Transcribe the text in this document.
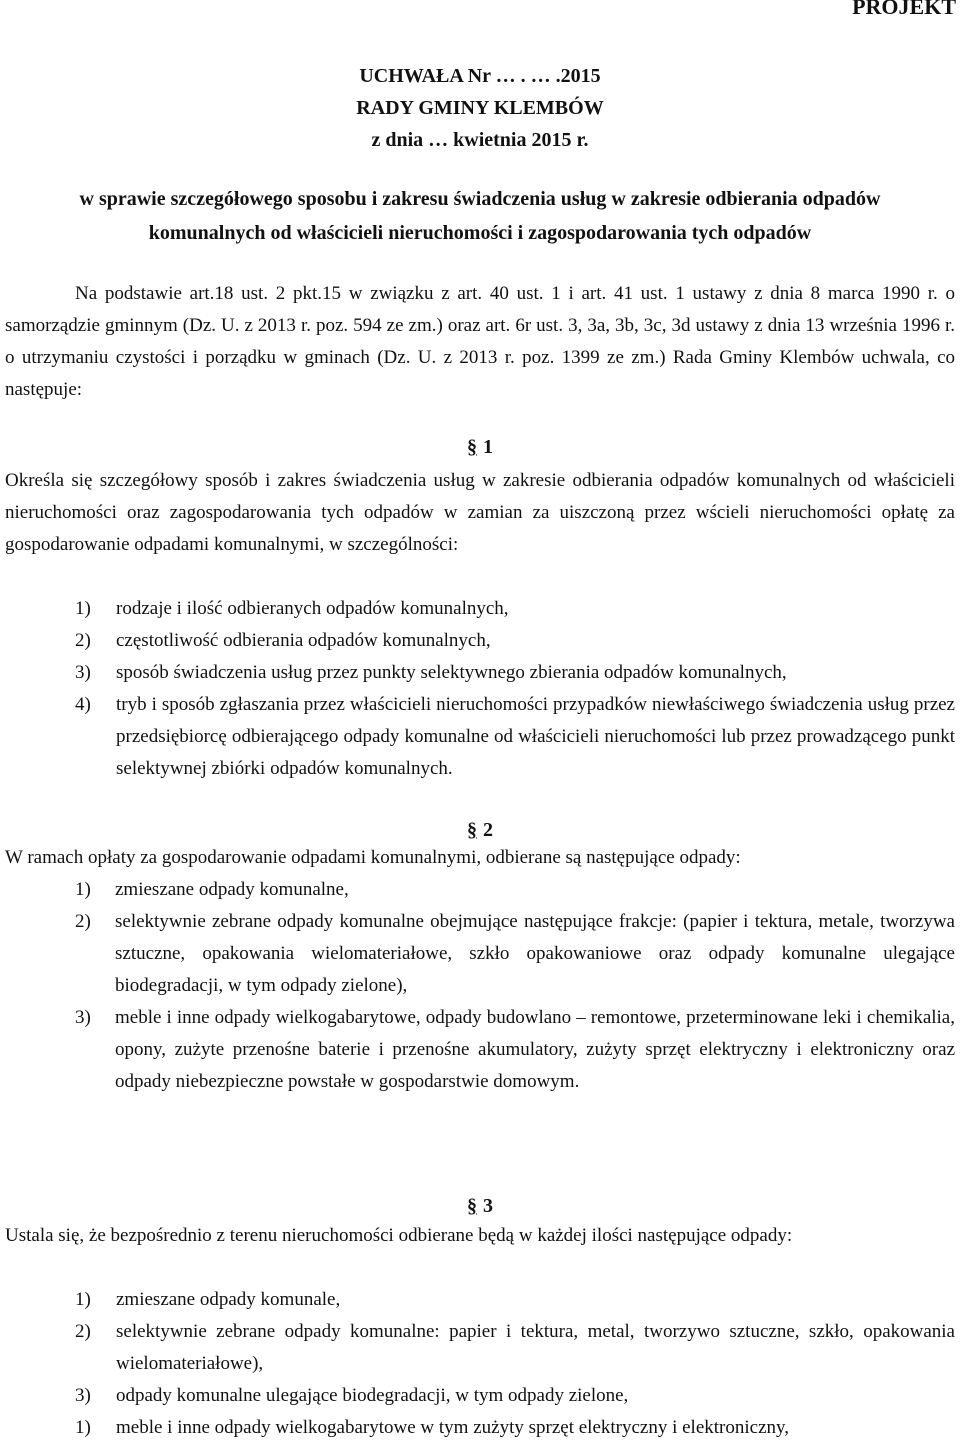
PROJEKT
UCHWAŁA Nr … . … .2015
RADY GMINY KLEMBÓW
z dnia … kwietnia 2015 r.
w sprawie szczegółowego sposobu i zakresu świadczenia usług w zakresie odbierania odpadów
komunalnych od właścicieli nieruchomości i zagospodarowania tych odpadów
Na podstawie art.18 ust. 2 pkt.15 w związku z art. 40 ust. 1 i art. 41 ust. 1 ustawy z dnia 8 marca 1990 r. o samorządzie gminnym (Dz. U. z 2013 r. poz. 594 ze zm.) oraz art. 6r ust. 3, 3a, 3b, 3c, 3d ustawy z dnia 13 września 1996 r. o utrzymaniu czystości i porządku w gminach (Dz. U. z 2013 r. poz. 1399 ze zm.) Rada Gminy Klembów uchwala, co następuje:
§ 1
Określa się szczegółowy sposób i zakres świadczenia usług w zakresie odbierania odpadów komunalnych od właścicieli nieruchomości oraz zagospodarowania tych odpadów w zamian za uiszczoną przez wścieli nieruchomości opłatę za gospodarowanie odpadami komunalnymi, w szczególności:
1) rodzaje i ilość odbieranych odpadów komunalnych,
2) częstotliwość odbierania odpadów komunalnych,
3) sposób świadczenia usług przez punkty selektywnego zbierania odpadów komunalnych,
4) tryb i sposób zgłaszania przez właścicieli nieruchomości przypadków niewłaściwego świadczenia usług przez przedsiębiorcę odbierającego odpady komunalne od właścicieli nieruchomości lub przez prowadzącego punkt selektywnej zbiórki odpadów komunalnych.
§ 2
W ramach opłaty za gospodarowanie odpadami komunalnymi, odbierane są następujące odpady:
1) zmieszane odpady komunalne,
2) selektywnie zebrane odpady komunalne obejmujące następujące frakcje: (papier i tektura, metale, tworzywa sztuczne, opakowania wielomateriałowe, szkło opakowaniowe oraz odpady komunalne ulegające biodegradacji, w tym odpady zielone),
3) meble i inne odpady wielkogabarytowe, odpady budowlano – remontowe, przeterminowane leki i chemikalia, opony, zużyte przenośne baterie i przenośne akumulatory, zużyty sprzęt elektryczny i elektroniczny oraz odpady niebezpieczne powstałe w gospodarstwie domowym.
§ 3
Ustala się, że bezpośrednio z terenu nieruchomości odbierane będą w każdej ilości następujące odpady:
1) zmieszane odpady komunale,
2) selektywnie zebrane odpady komunalne: papier i tektura, metal, tworzywo sztuczne, szkło, opakowania wielomateriałowe),
3) odpady komunalne ulegające biodegradacji, w tym odpady zielone,
1) meble i inne odpady wielkogabarytowe w tym zużyty sprzęt elektryczny i elektroniczny,
